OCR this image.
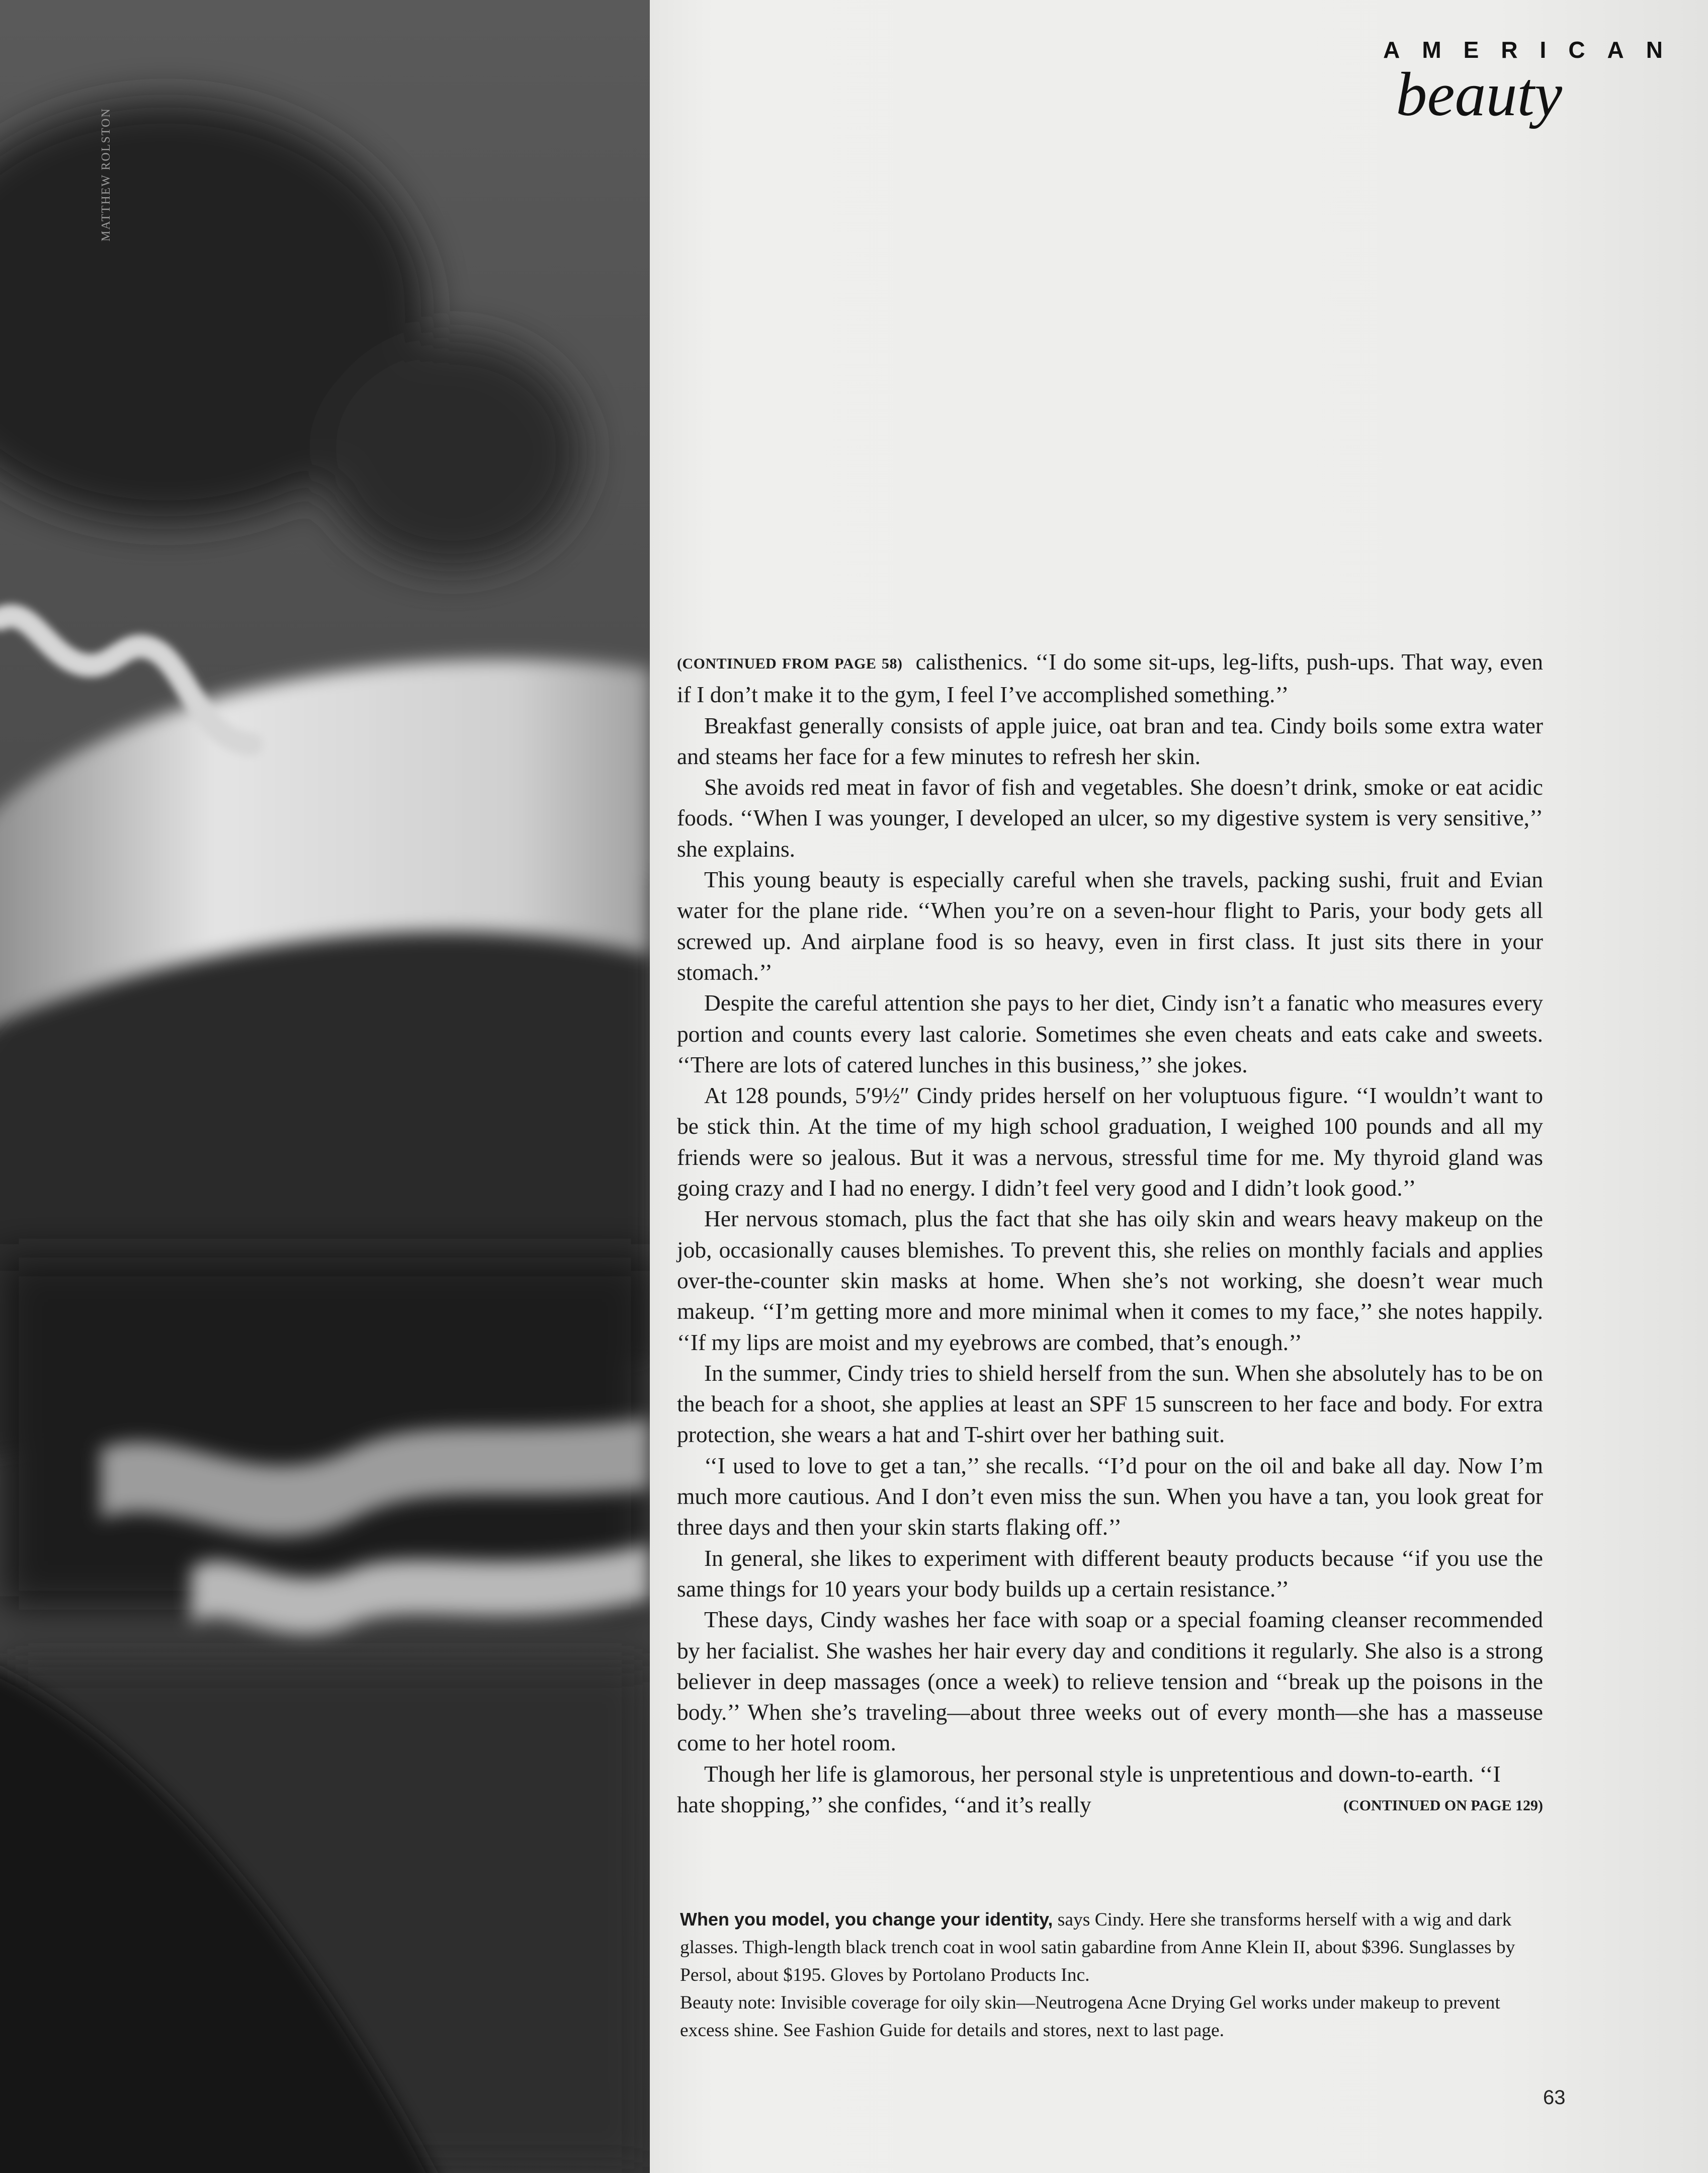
MATTHEW ROLSTON
AMERICAN
beauty

(CONTINUED FROM PAGE 58) calisthenics. ‘‘I do some sit-ups, leg-lifts, push-ups. That way, even if I don’t make it to the gym, I feel I’ve accomplished something.’’

Breakfast generally consists of apple juice, oat bran and tea. Cindy boils some extra water and steams her face for a few minutes to refresh her skin.

She avoids red meat in favor of fish and vegetables. She doesn’t drink, smoke or eat acidic foods. ‘‘When I was younger, I developed an ulcer, so my digestive system is very sensitive,’’ she explains.

This young beauty is especially careful when she travels, packing sushi, fruit and Evian water for the plane ride. ‘‘When you’re on a seven-hour flight to Paris, your body gets all screwed up. And airplane food is so heavy, even in first class. It just sits there in your stomach.’’

Despite the careful attention she pays to her diet, Cindy isn’t a fanatic who measures every portion and counts every last calorie. Sometimes she even cheats and eats cake and sweets. ‘‘There are lots of catered lunches in this business,’’ she jokes.

At 128 pounds, 5′9½″ Cindy prides herself on her voluptuous figure. ‘‘I wouldn’t want to be stick thin. At the time of my high school graduation, I weighed 100 pounds and all my friends were so jealous. But it was a nervous, stressful time for me. My thyroid gland was going crazy and I had no energy. I didn’t feel very good and I didn’t look good.’’

Her nervous stomach, plus the fact that she has oily skin and wears heavy makeup on the job, occasionally causes blemishes. To prevent this, she relies on monthly facials and applies over-the-counter skin masks at home. When she’s not working, she doesn’t wear much makeup. ‘‘I’m getting more and more minimal when it comes to my face,’’ she notes happily. ‘‘If my lips are moist and my eyebrows are combed, that’s enough.’’

In the summer, Cindy tries to shield herself from the sun. When she absolutely has to be on the beach for a shoot, she applies at least an SPF 15 sunscreen to her face and body. For extra protection, she wears a hat and T-shirt over her bathing suit.

‘‘I used to love to get a tan,’’ she recalls. ‘‘I’d pour on the oil and bake all day. Now I’m much more cautious. And I don’t even miss the sun. When you have a tan, you look great for three days and then your skin starts flaking off.’’

In general, she likes to experiment with different beauty products because ‘‘if you use the same things for 10 years your body builds up a certain resistance.’’

These days, Cindy washes her face with soap or a special foaming cleanser recommended by her facialist. She washes her hair every day and conditions it regularly. She also is a strong believer in deep massages (once a week) to relieve tension and ‘‘break up the poisons in the body.’’ When she’s traveling—about three weeks out of every month—she has a masseuse come to her hotel room.

Though her life is glamorous, her personal style is unpretentious and down-to-earth. ‘‘I hate shopping,’’ she confides, ‘‘and it’s really	(CONTINUED ON PAGE 129)

When you model, you change your identity, says Cindy. Here she transforms herself with a wig and dark glasses. Thigh-length black trench coat in wool satin gabardine from Anne Klein II, about $396. Sunglasses by Persol, about $195. Gloves by Portolano Products Inc.
Beauty note: Invisible coverage for oily skin—Neutrogena Acne Drying Gel works under makeup to prevent excess shine. See Fashion Guide for details and stores, next to last page.
63
